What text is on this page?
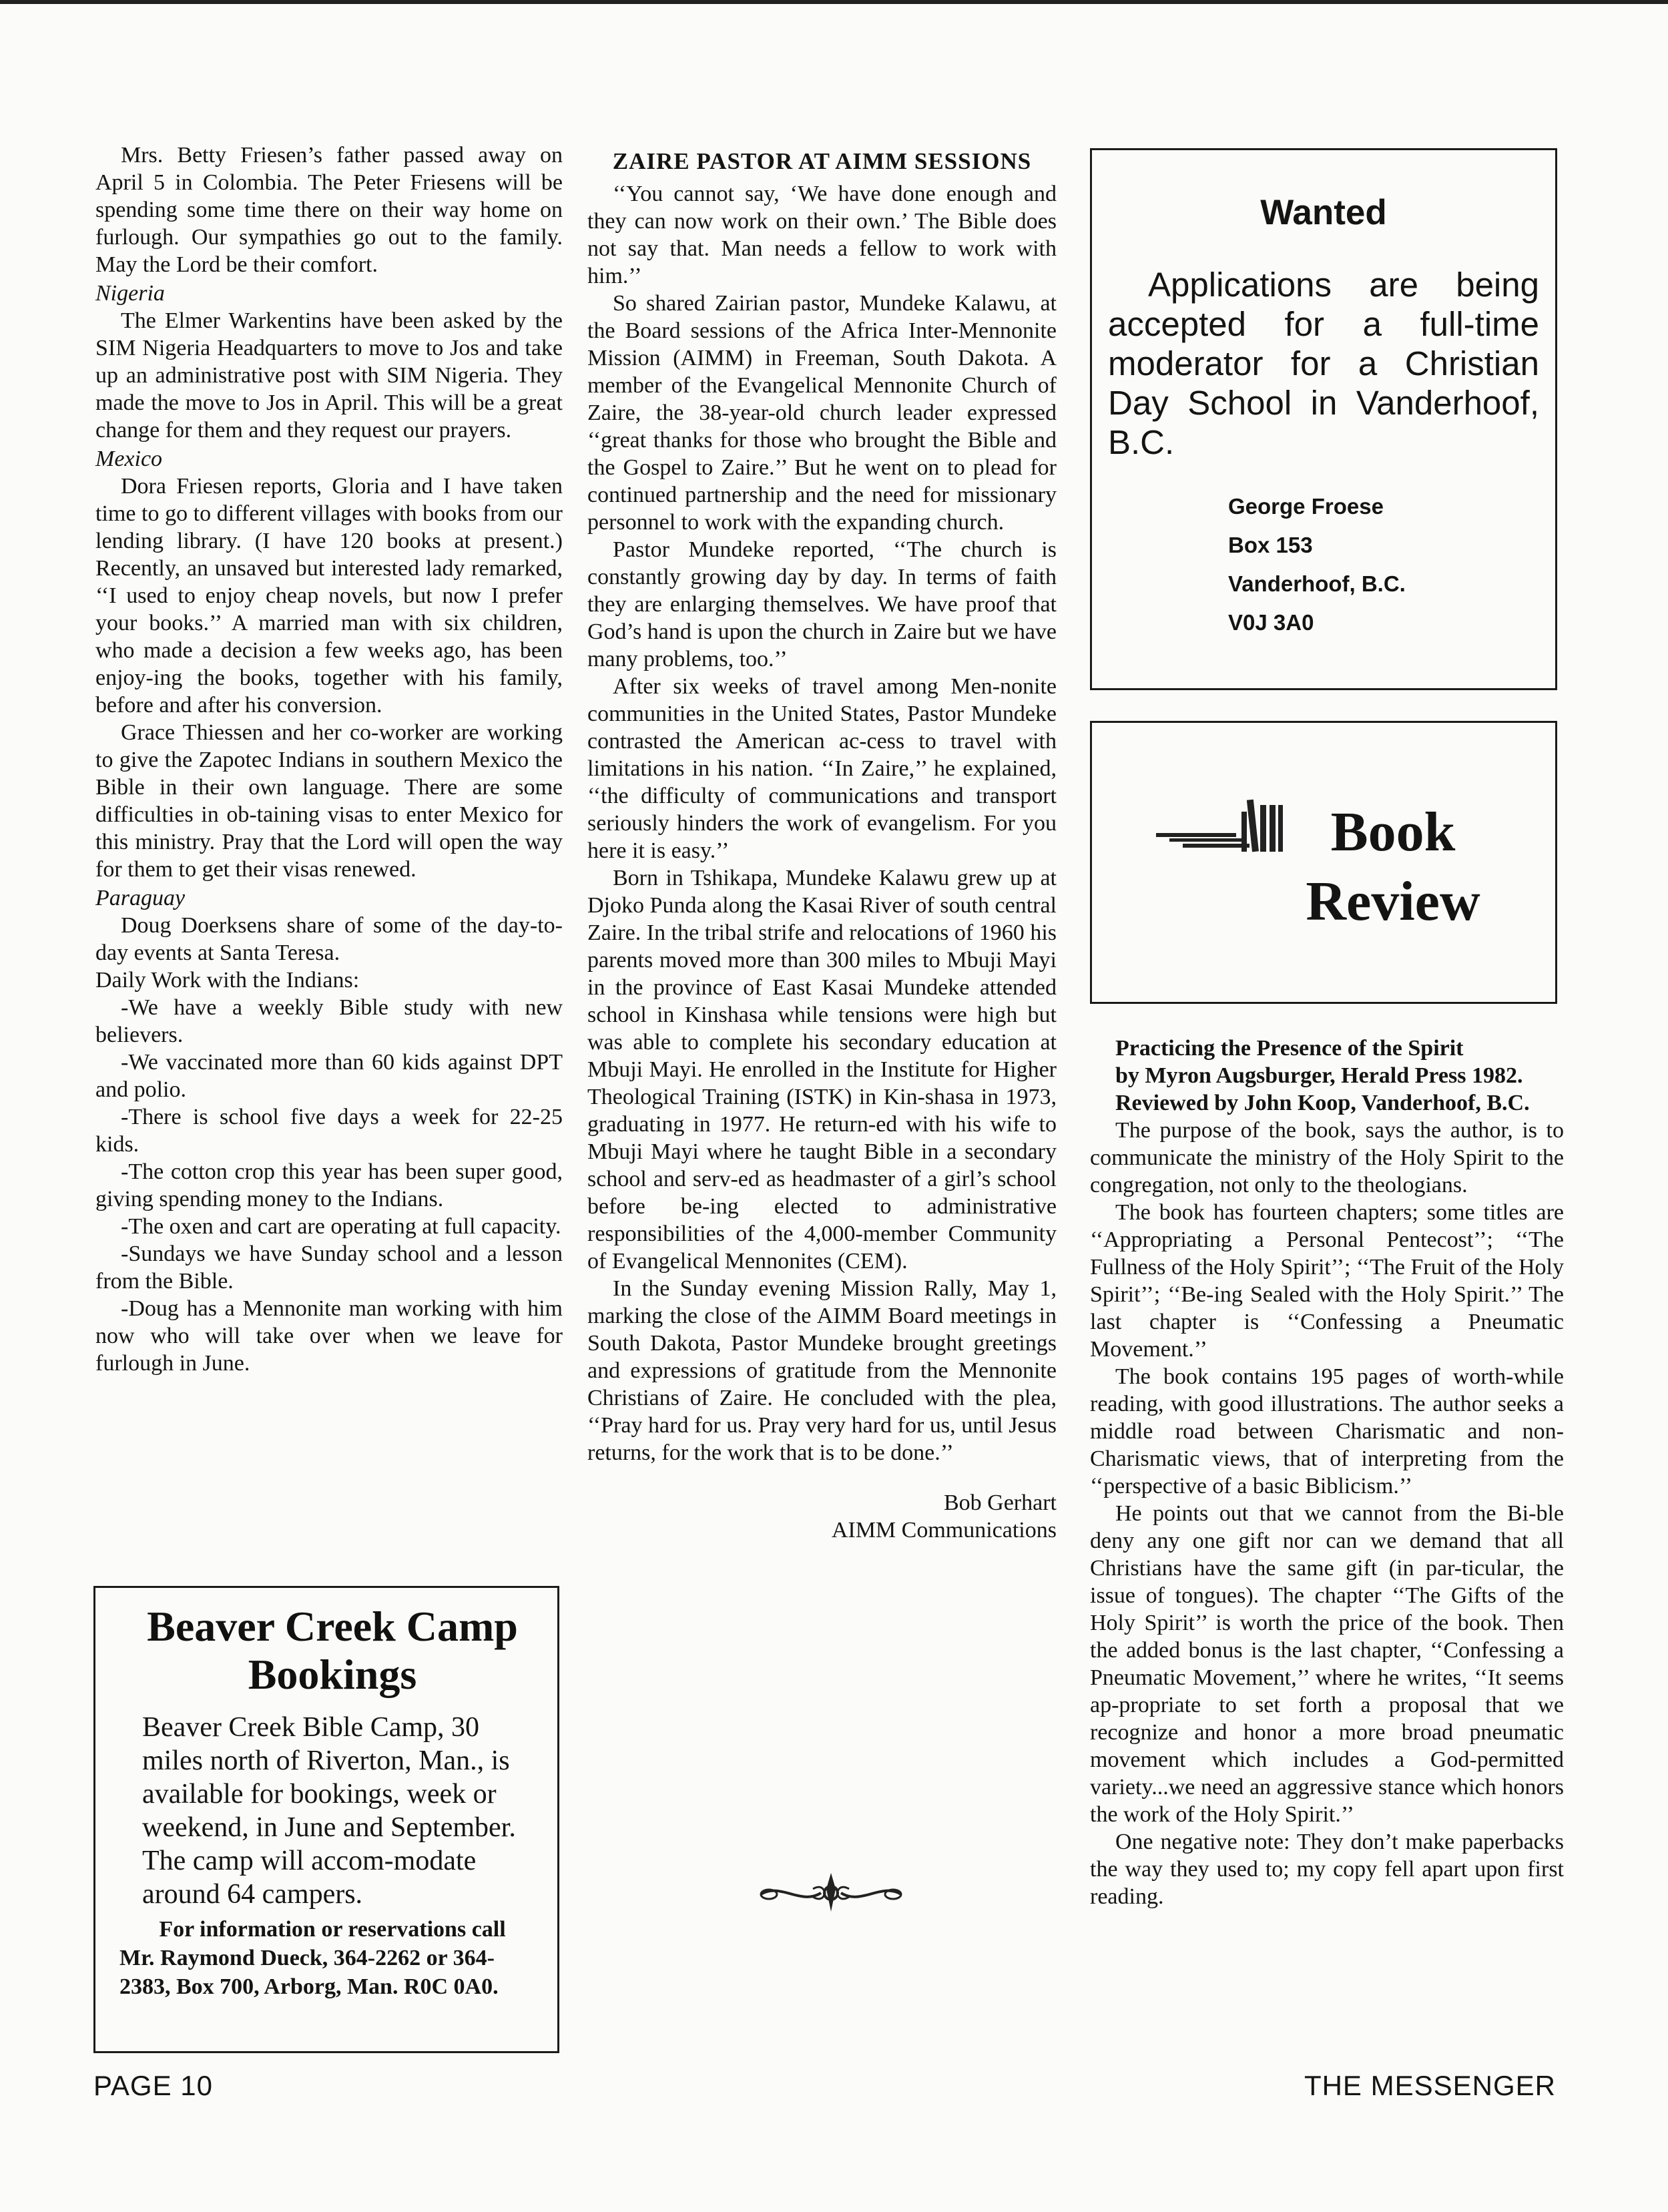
Mrs. Betty Friesen’s father passed away on April 5 in Colombia. The Peter Friesens will be spending some time there on their way home on furlough. Our sympathies go out to the family. May the Lord be their comfort.

Nigeria

The Elmer Warkentins have been asked by the SIM Nigeria Headquarters to move to Jos and take up an administrative post with SIM Nigeria. They made the move to Jos in April. This will be a great change for them and they request our prayers.

Mexico

Dora Friesen reports, Gloria and I have taken time to go to different villages with books from our lending library. (I have 120 books at present.) Recently, an unsaved but interested lady remarked, ‘‘I used to enjoy cheap novels, but now I prefer your books.’’ A married man with six children, who made a decision a few weeks ago, has been enjoy-ing the books, together with his family, before and after his conversion.

Grace Thiessen and her co-worker are working to give the Zapotec Indians in southern Mexico the Bible in their own language. There are some difficulties in ob-taining visas to enter Mexico for this ministry. Pray that the Lord will open the way for them to get their visas renewed.

Paraguay

Doug Doerksens share of some of the day-to-day events at Santa Teresa.

Daily Work with the Indians:

-We have a weekly Bible study with new believers.

-We vaccinated more than 60 kids against DPT and polio.

-There is school five days a week for 22-25 kids.

-The cotton crop this year has been super good, giving spending money to the Indians.

-The oxen and cart are operating at full capacity.

-Sundays we have Sunday school and a lesson from the Bible.

-Doug has a Mennonite man working with him now who will take over when we leave for furlough in June.

Beaver Creek Camp Bookings

Beaver Creek Bible Camp, 30 miles north of Riverton, Man., is available for bookings, week or weekend, in June and September. The camp will accom-modate around 64 campers.

For information or reservations call
Mr. Raymond Dueck, 364-2262 or 364-2383, Box 700, Arborg, Man. R0C 0A0.

ZAIRE PASTOR AT AIMM SESSIONS

‘‘You cannot say, ‘We have done enough and they can now work on their own.’ The Bible does not say that. Man needs a fellow to work with him.’’

So shared Zairian pastor, Mundeke Kalawu, at the Board sessions of the Africa Inter-Mennonite Mission (AIMM) in Freeman, South Dakota. A member of the Evangelical Mennonite Church of Zaire, the 38-year-old church leader expressed ‘‘great thanks for those who brought the Bible and the Gospel to Zaire.’’ But he went on to plead for continued partnership and the need for missionary personnel to work with the expanding church.

Pastor Mundeke reported, ‘‘The church is constantly growing day by day. In terms of faith they are enlarging themselves. We have proof that God’s hand is upon the church in Zaire but we have many problems, too.’’

After six weeks of travel among Men-nonite communities in the United States, Pastor Mundeke contrasted the American ac-cess to travel with limitations in his nation. ‘‘In Zaire,’’ he explained, ‘‘the difficulty of communications and transport seriously hinders the work of evangelism. For you here it is easy.’’

Born in Tshikapa, Mundeke Kalawu grew up at Djoko Punda along the Kasai River of south central Zaire. In the tribal strife and relocations of 1960 his parents moved more than 300 miles to Mbuji Mayi in the province of East Kasai Mundeke attended school in Kinshasa while tensions were high but was able to complete his secondary education at Mbuji Mayi. He enrolled in the Institute for Higher Theological Training (ISTK) in Kin-shasa in 1973, graduating in 1977. He return-ed with his wife to Mbuji Mayi where he taught Bible in a secondary school and serv-ed as headmaster of a girl’s school before be-ing elected to administrative responsibilities of the 4,000-member Community of Evangelical Mennonites (CEM).

In the Sunday evening Mission Rally, May 1, marking the close of the AIMM Board meetings in South Dakota, Pastor Mundeke brought greetings and expressions of gratitude from the Mennonite Christians of Zaire. He concluded with the plea, ‘‘Pray hard for us. Pray very hard for us, until Jesus returns, for the work that is to be done.’’

Bob Gerhart
AIMM Communications
Wanted

Applications are being accepted for a full-time moderator for a Christian Day School in Vanderhoof, B.C.

George Froese
Box 153
Vanderhoof, B.C.
V0J 3A0
Book
Review

Practicing the Presence of the Spirit

by Myron Augsburger, Herald Press 1982.

Reviewed by John Koop, Vanderhoof, B.C.

The purpose of the book, says the author, is to communicate the ministry of the Holy Spirit to the congregation, not only to the theologians.

The book has fourteen chapters; some titles are ‘‘Appropriating a Personal Pentecost’’; ‘‘The Fullness of the Holy Spirit’’; ‘‘The Fruit of the Holy Spirit’’; ‘‘Be-ing Sealed with the Holy Spirit.’’ The last chapter is ‘‘Confessing a Pneumatic Movement.’’

The book contains 195 pages of worth-while reading, with good illustrations. The author seeks a middle road between Charismatic and non-Charismatic views, that of interpreting from the ‘‘perspective of a basic Biblicism.’’

He points out that we cannot from the Bi-ble deny any one gift nor can we demand that all Christians have the same gift (in par-ticular, the issue of tongues). The chapter ‘‘The Gifts of the Holy Spirit’’ is worth the price of the book. Then the added bonus is the last chapter, ‘‘Confessing a Pneumatic Movement,’’ where he writes, ‘‘It seems ap-propriate to set forth a proposal that we recognize and honor a more broad pneumatic movement which includes a God-permitted variety...we need an aggressive stance which honors the work of the Holy Spirit.’’

One negative note: They don’t make paperbacks the way they used to; my copy fell apart upon first reading.

PAGE 10	THE MESSENGER
